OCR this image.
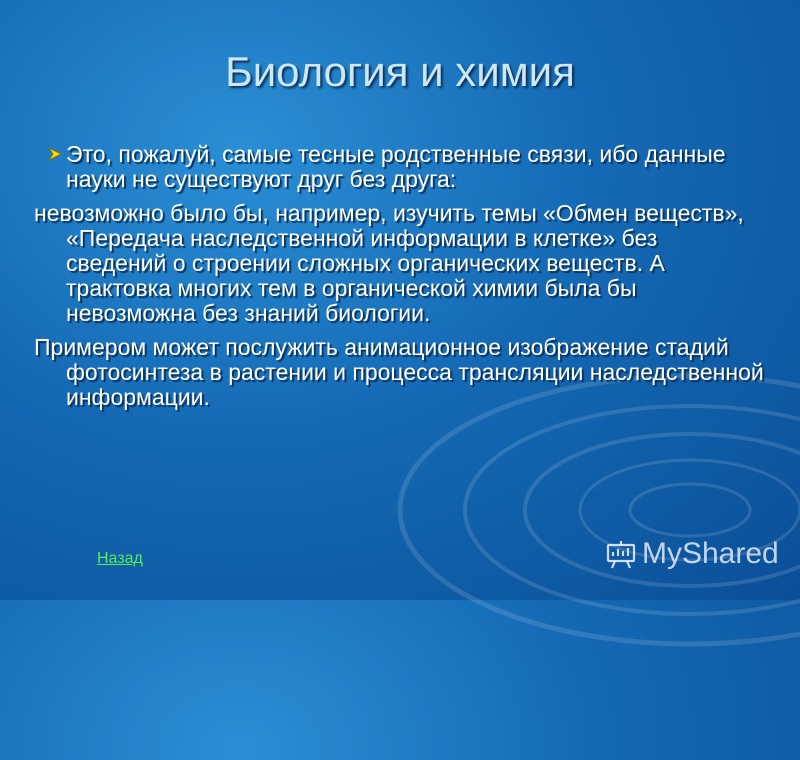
Биология и химия
Это, пожалуй, самые тесные родственные связи, ибо данные науки не существуют друг без друга:
невозможно было бы, например, изучить темы «Обмен веществ», «Передача наследственной информации в клетке» без сведений о строении сложных органических веществ. А трактовка многих тем в органической химии была бы невозможна без знаний биологии.
Примером может послужить анимационное изображение стадий фотосинтеза в растении и процесса трансляции наследственной информации.
Назад	MyShared
